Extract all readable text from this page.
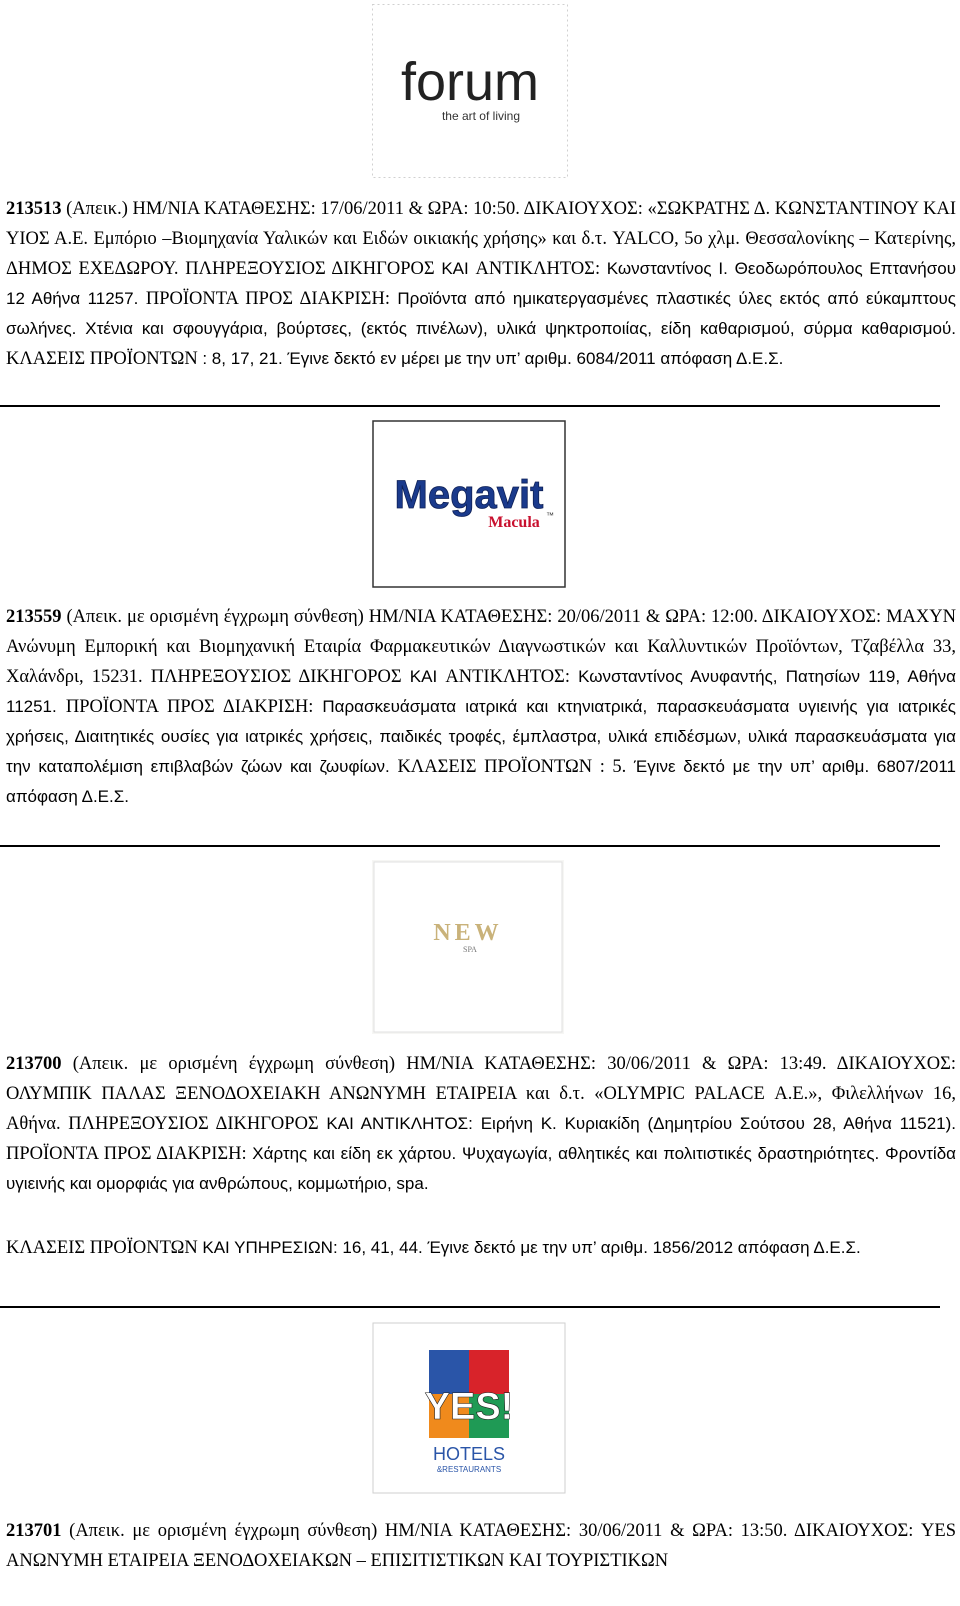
forum
the art of living
213513 (Απεικ.) ΗΜ/ΝΙΑ ΚΑΤΑΘΕΣΗΣ: 17/06/2011 & ΩΡΑ: 10:50. ΔΙΚΑΙΟΥΧΟΣ: «ΣΩΚΡΑΤΗΣ Δ. ΚΩΝΣΤΑΝΤΙΝΟΥ ΚΑΙ ΥΙΟΣ Α.Ε. Εμπόριο –Βιομηχανία Υαλικών και Ειδών οικιακής χρήσης» και δ.τ. YALCO, 5ο χλμ. Θεσσαλονίκης – Κατερίνης, ΔΗΜΟΣ ΕΧΕΔΩΡΟΥ. ΠΛΗΡΕΞΟΥΣΙΟΣ ΔΙΚΗΓΟΡΟΣ ΚΑΙ ΑΝΤΙΚΛΗΤΟΣ: Κωνσταντίνος Ι. Θεοδωρόπουλος Επτανήσου 12 Αθήνα 11257. ΠΡΟΪΟΝΤΑ ΠΡΟΣ ΔΙΑΚΡΙΣΗ: Προϊόντα από ημικατεργασμένες πλαστικές ύλες εκτός από εύκαμπτους σωλήνες. Χτένια και σφουγγάρια, βούρτσες, (εκτός πινέλων), υλικά ψηκτροποιίας, είδη καθαρισμού, σύρμα καθαρισμού. ΚΛΑΣΕΙΣ ΠΡΟΪΟΝΤΩΝ : 8, 17, 21. Έγινε δεκτό εν μέρει με την υπ’ αριθμ. 6084/2011 απόφαση Δ.Ε.Σ.
Megavit
Macula ™
213559 (Απεικ. με ορισμένη έγχρωμη σύνθεση) ΗΜ/ΝΙΑ ΚΑΤΑΘΕΣΗΣ: 20/06/2011 & ΩΡΑ: 12:00. ΔΙΚΑΙΟΥΧΟΣ: ΜΑΧΥΝ Ανώνυμη Εμπορική και Βιομηχανική Εταιρία Φαρμακευτικών Διαγνωστικών και Καλλυντικών Προϊόντων, Τζαβέλλα 33, Χαλάνδρι, 15231. ΠΛΗΡΕΞΟΥΣΙΟΣ ΔΙΚΗΓΟΡΟΣ ΚΑΙ ΑΝΤΙΚΛΗΤΟΣ: Κωνσταντίνος Ανυφαντής, Πατησίων 119, Αθήνα 11251. ΠΡΟΪΟΝΤΑ ΠΡΟΣ ΔΙΑΚΡΙΣΗ: Παρασκευάσματα ιατρικά και κτηνιατρικά, παρασκευάσματα υγιεινής για ιατρικές χρήσεις, Διαιτητικές ουσίες για ιατρικές χρήσεις, παιδικές τροφές, έμπλαστρα, υλικά επιδέσμων, υλικά παρασκευάσματα για την καταπολέμιση επιβλαβών ζώων και ζωυφίων. ΚΛΑΣΕΙΣ ΠΡΟΪΟΝΤΩΝ : 5. Έγινε δεκτό με την υπ’ αριθμ. 6807/2011 απόφαση Δ.Ε.Σ.
NEW
SPA
213700 (Απεικ. με ορισμένη έγχρωμη σύνθεση) ΗΜ/ΝΙΑ ΚΑΤΑΘΕΣΗΣ: 30/06/2011 & ΩΡΑ: 13:49. ΔΙΚΑΙΟΥΧΟΣ: ΟΛΥΜΠΙΚ ΠΑΛΑΣ ΞΕΝΟΔΟΧΕΙΑΚΗ ΑΝΩΝΥΜΗ ΕΤΑΙΡΕΙΑ και δ.τ. «OLYMPIC PALACE Α.Ε.», Φιλελλήνων 16, Αθήνα. ΠΛΗΡΕΞΟΥΣΙΟΣ ΔΙΚΗΓΟΡΟΣ ΚΑΙ ΑΝΤΙΚΛΗΤΟΣ: Ειρήνη Κ. Κυριακίδη (Δημητρίου Σούτσου 28, Αθήνα 11521). ΠΡΟΪΟΝΤΑ ΠΡΟΣ ΔΙΑΚΡΙΣΗ: Χάρτης και είδη εκ χάρτου. Ψυχαγωγία, αθλητικές και πολιτιστικές δραστηριότητες. Φροντίδα υγιεινής και ομορφιάς για ανθρώπους, κομμωτήριο, spa.
ΚΛΑΣΕΙΣ ΠΡΟΪΟΝΤΩΝ ΚΑΙ ΥΠΗΡΕΣΙΩΝ: 16, 41, 44. Έγινε δεκτό με την υπ’ αριθμ. 1856/2012 απόφαση Δ.Ε.Σ.
YES!
HOTELS
&RESTAURANTS
213701 (Απεικ. με ορισμένη έγχρωμη σύνθεση) ΗΜ/ΝΙΑ ΚΑΤΑΘΕΣΗΣ: 30/06/2011 & ΩΡΑ: 13:50. ΔΙΚΑΙΟΥΧΟΣ: YES ΑΝΩΝΥΜΗ ΕΤΑΙΡΕΙΑ ΞΕΝΟΔΟΧΕΙΑΚΩΝ – ΕΠΙΣΙΤΙΣΤΙΚΩΝ ΚΑΙ ΤΟΥΡΙΣΤΙΚΩΝ
